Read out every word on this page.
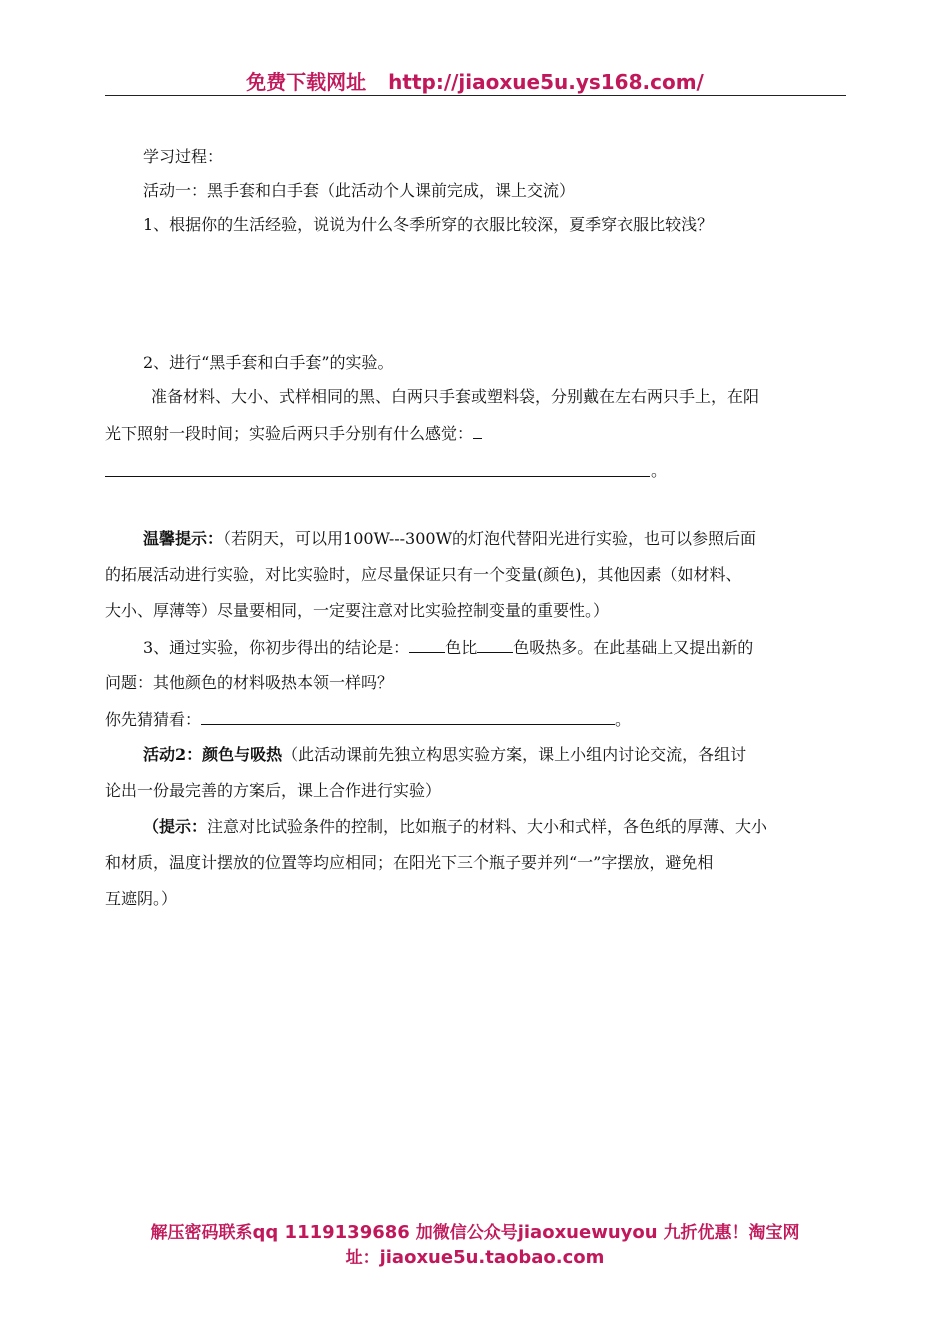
免费下载网址 http://jiaoxue5u.ys168.com/
学习过程：
活动一：黑手套和白手套（此活动个人课前完成，课上交流）
1、根据你的生活经验，说说为什么冬季所穿的衣服比较深，夏季穿衣服比较浅？
2、进行“黑手套和白手套”的实验。
准备材料、大小、式样相同的黑、白两只手套或塑料袋，分别戴在左右两只手上，在阳
光下照射一段时间；实验后两只手分别有什么感觉：
。
温馨提示：（若阴天，可以用100W---300W的灯泡代替阳光进行实验，也可以参照后面
的拓展活动进行实验，对比实验时，应尽量保证只有一个变量(颜色)，其他因素（如材料、
大小、厚薄等）尽量要相同，一定要注意对比实验控制变量的重要性。）
3、通过实验，你初步得出的结论是： 色比 色吸热多。在此基础上又提出新的
问题：其他颜色的材料吸热本领一样吗？
你先猜猜看：	。
活动2：颜色与吸热（此活动课前先独立构思实验方案，课上小组内讨论交流，各组讨
论出一份最完善的方案后，课上合作进行实验）
（提示：注意对比试验条件的控制，比如瓶子的材料、大小和式样，各色纸的厚薄、大小
和材质，温度计摆放的位置等均应相同；在阳光下三个瓶子要并列“一”字摆放，避免相
互遮阴。）
解压密码联系qq 1119139686 加微信公众号jiaoxuewuyou 九折优惠！淘宝网
址：jiaoxue5u.taobao.com
